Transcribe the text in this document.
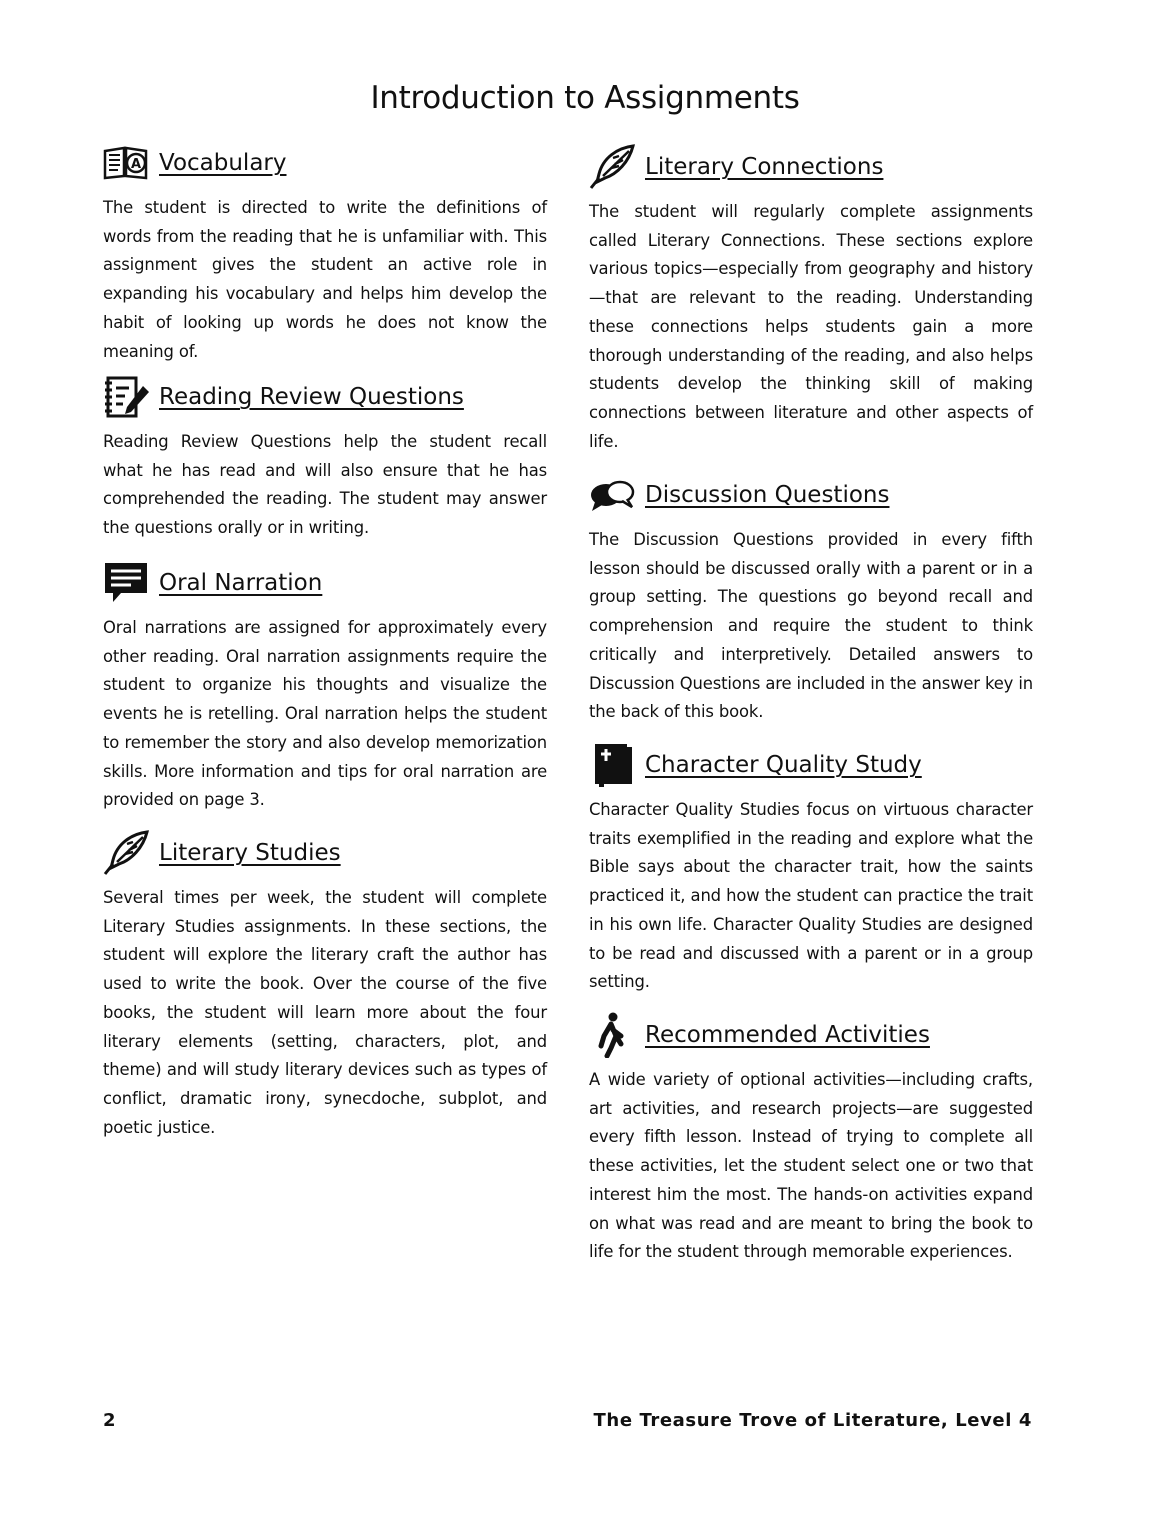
Introduction to Assignments
A Vocabulary

The student is directed to write the definitions of words from the reading that he is unfamiliar with. This assignment gives the student an active role in expanding his vocabulary and helps him develop the habit of looking up words he does not know the meaning of.

Reading Review Questions

Reading Review Questions help the student recall what he has read and will also ensure that he has comprehended the reading. The student may answer the questions orally or in writing.

Oral Narration

Oral narrations are assigned for approximately every other reading. Oral narration assignments require the student to organize his thoughts and visualize the events he is retelling. Oral narration helps the student to remember the story and also develop memorization skills. More information and tips for oral narration are provided on page 3.

Literary Studies

Several times per week, the student will complete Literary Studies assignments. In these sections, the student will explore the literary craft the author has used to write the book. Over the course of the five books, the student will learn more about the four literary elements (setting, characters, plot, and theme) and will study literary devices such as types of conflict, dramatic irony, synecdoche, subplot, and poetic justice.

Literary Connections

The student will regularly complete assignments called Literary Connections. These sections explore various topics—especially from geography and history—that are relevant to the reading. Understanding these connections helps students gain a more thorough understanding of the reading, and also helps students develop the thinking skill of making connections between literature and other aspects of life.

Discussion Questions

The Discussion Questions provided in every fifth lesson should be discussed orally with a parent or in a group setting. The questions go beyond recall and comprehension and require the student to think critically and interpretively. Detailed answers to Discussion Questions are included in the answer key in the back of this book.

Character Quality Study

Character Quality Studies focus on virtuous character traits exemplified in the reading and explore what the Bible says about the character trait, how the saints practiced it, and how the student can practice the trait in his own life. Character Quality Studies are designed to be read and discussed with a parent or in a group setting.

Recommended Activities

A wide variety of optional activities—including crafts, art activities, and research projects—are suggested every fifth lesson. Instead of trying to complete all these activities, let the student select one or two that interest him the most. The hands-on activities expand on what was read and are meant to bring the book to life for the student through memorable experiences.

2	The Treasure Trove of Literature, Level 4
